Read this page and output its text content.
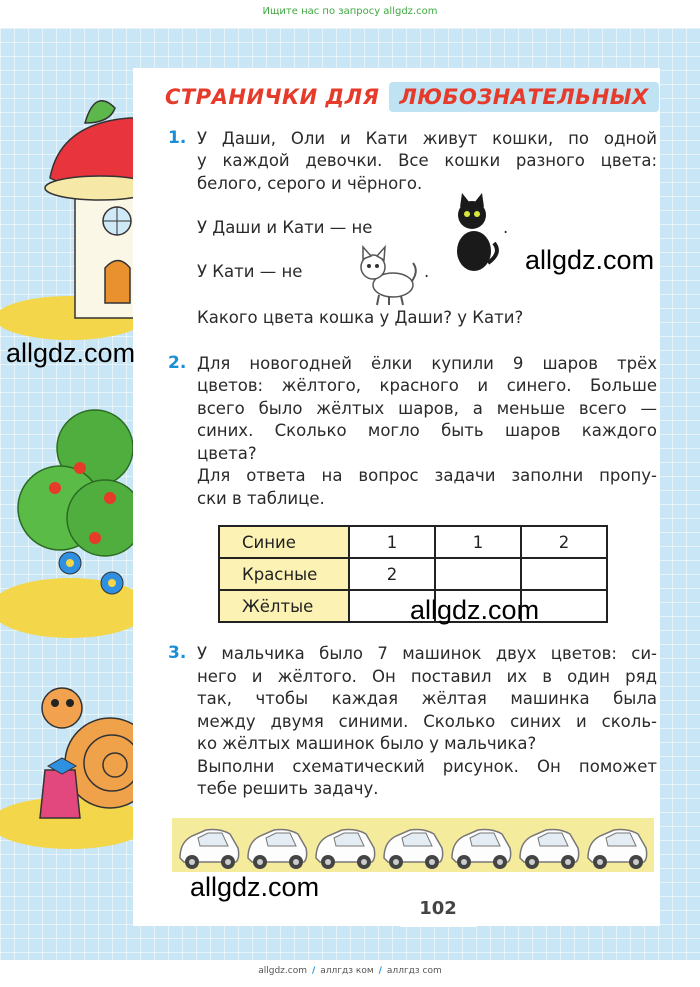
Ищите нас по запросу allgdz.com
СТРАНИЧКИ ДЛЯ ЛЮБОЗНАТЕЛЬНЫХ
1. У Даши, Оли и Кати живут кошки, по одной
у каждой девочки. Все кошки разного цвета:
белого, серого и чёрного.
У Даши и Кати — не	.
У Кати — не	.
Какого цвета кошка у Даши? у Кати?
2. Для новогодней ёлки купили 9 шаров трёх
цветов: жёлтого, красного и синего. Больше
всего было жёлтых шаров, а меньше всего —
синих. Сколько могло быть шаров каждого
цвета?
Для ответа на вопрос задачи заполни пропу-
ски в таблице.
Синие	1	1	2
Красные	2		
Жёлтые			
3. У мальчика было 7 машинок двух цветов: си-
него и жёлтого. Он поставил их в один ряд
так, чтобы каждая жёлтая машинка была
между двумя синими. Сколько синих и сколь-
ко жёлтых машинок было у мальчика?
Выполни схематический рисунок. Он поможет
тебе решить задачу.
102
allgdz.com
allgdz.com
allgdz.com
allgdz.com
allgdz.com / аллгдз ком / аллгдз com
